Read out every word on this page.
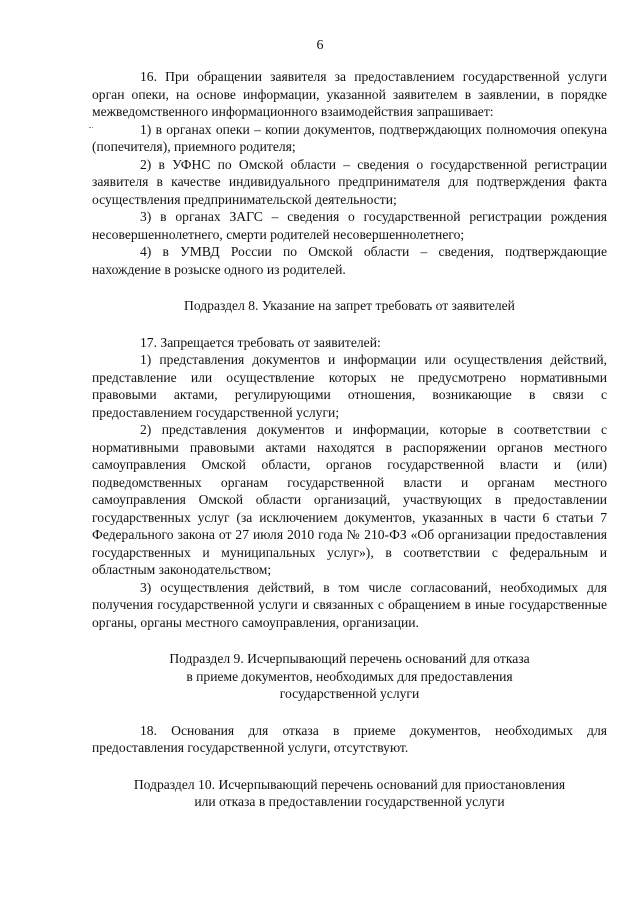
6

16. При обращении заявителя за предоставлением государственной услуги орган опеки, на основе информации, указанной заявителем в заявлении, в порядке межведомственного информационного взаимодействия запрашивает:

1) в органах опеки – копии документов, подтверждающих полномочия опекуна (попечителя), приемного родителя;

2) в УФНС по Омской области – сведения о государственной регистрации заявителя в качестве индивидуального предпринимателя для подтверждения факта осуществления предпринимательской деятельности;

3) в органах ЗАГС – сведения о государственной регистрации рождения несовершеннолетнего, смерти родителей несовершеннолетнего;

4) в УМВД России по Омской области – сведения, подтверждающие нахождение в розыске одного из родителей.

Подраздел 8. Указание на запрет требовать от заявителей

17. Запрещается требовать от заявителей:

1) представления документов и информации или осуществления действий, представление или осуществление которых не предусмотрено нормативными правовыми актами, регулирующими отношения, возникающие в связи с предоставлением государственной услуги;

2) представления документов и информации, которые в соответствии с нормативными правовыми актами находятся в распоряжении органов местного самоуправления Омской области, органов государственной власти и (или) подведомственных органам государственной власти и органам местного самоуправления Омской области организаций, участвующих в предоставлении государственных услуг (за исключением документов, указанных в части 6 статьи 7 Федерального закона от 27 июля 2010 года № 210-ФЗ «Об организации предоставления государственных и муниципальных услуг»), в соответствии с федеральным и областным законодательством;

3) осуществления действий, в том числе согласований, необходимых для получения государственной услуги и связанных с обращением в иные государственные органы, органы местного самоуправления, организации.

Подраздел 9. Исчерпывающий перечень оснований для отказа
в приеме документов, необходимых для предоставления
государственной услуги

18. Основания для отказа в приеме документов, необходимых для предоставления государственной услуги, отсутствуют.

Подраздел 10. Исчерпывающий перечень оснований для приостановления
или отказа в предоставлении государственной услуги
